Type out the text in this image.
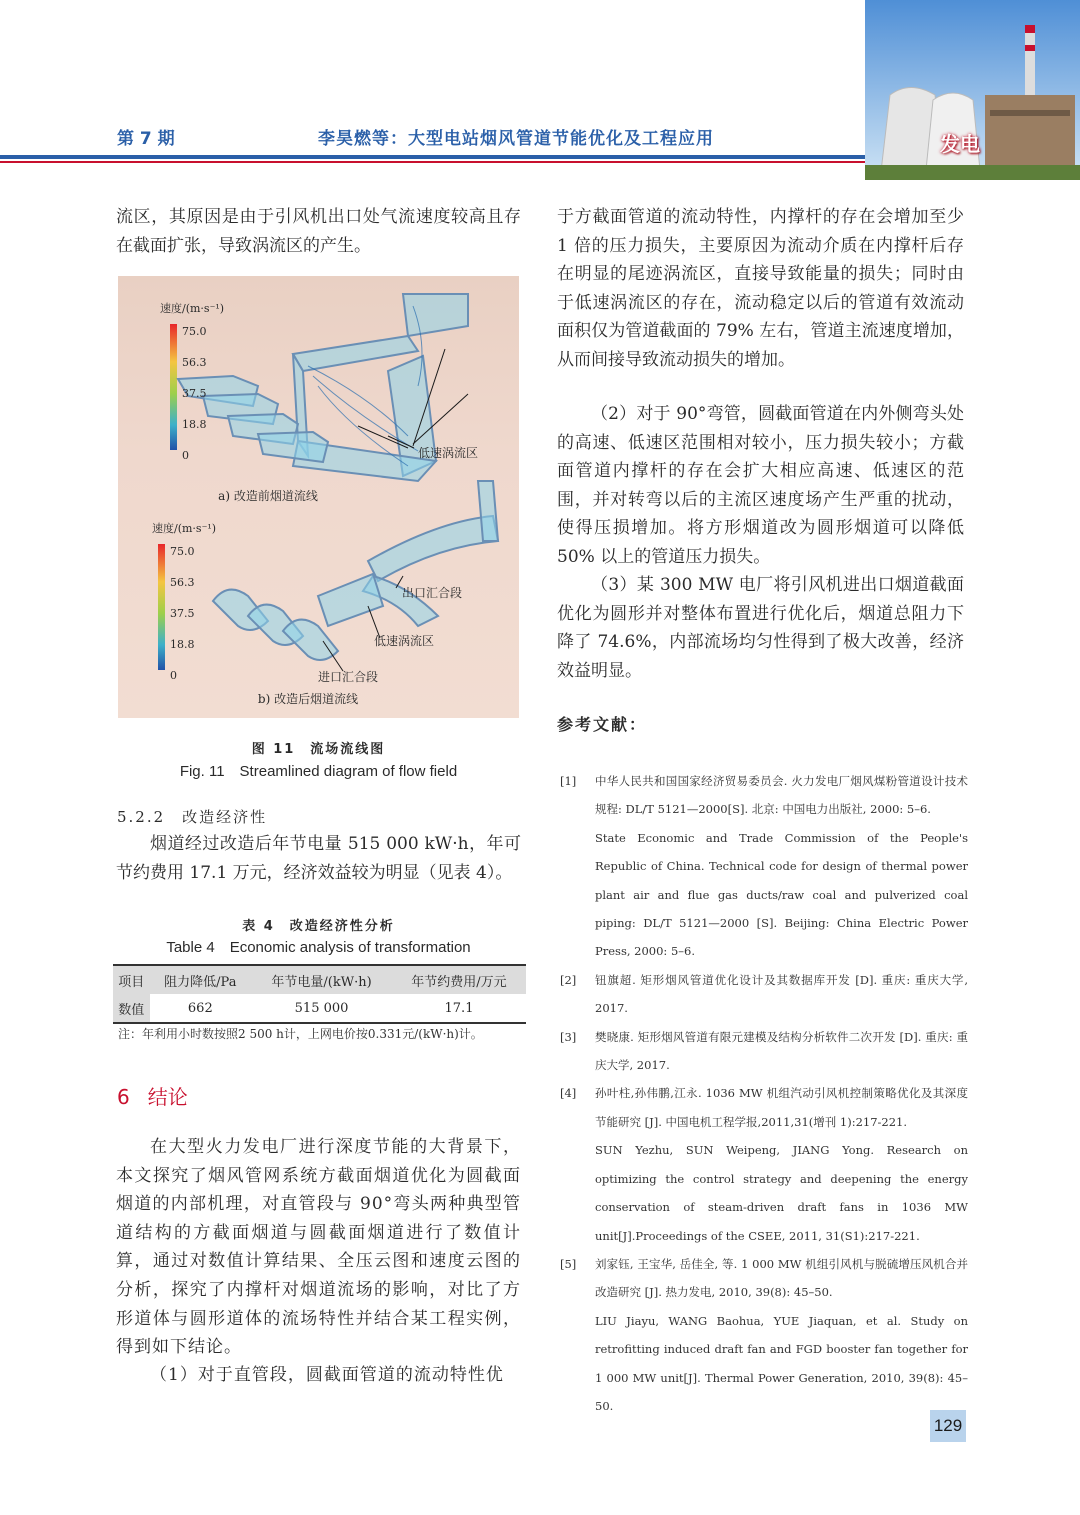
第 7 期	李昊燃等：大型电站烟风管道节能优化及工程应用	发电
流区，其原因是由于引风机出口处气流速度较高且存在截面扩张，导致涡流区的产生。
速度/(m·s⁻¹)
75.0
56.3
37.5
18.8
0	低速涡流区
a) 改造前烟道流线
速度/(m·s⁻¹)
75.0
56.3
37.5
18.8
0
出口汇合段
低速涡流区
进口汇合段
b) 改造后烟道流线
图 11　流场流线图
Fig. 11　Streamlined diagram of flow field
5.2.2　改造经济性
烟道经过改造后年节电量 515 000 kW·h，年可节约费用 17.1 万元，经济效益较为明显（见表 4）。
表 4　改造经济性分析
Table 4　Economic analysis of transformation
项目	阻力降低/Pa	年节电量/(kW·h)	年节约费用/万元
数值	662	515 000	17.1
注：年利用小时数按照2 500 h计，上网电价按0.331元/(kW·h)计。
6 结论
在大型火力发电厂进行深度节能的大背景下，本文探究了烟风管网系统方截面烟道优化为圆截面烟道的内部机理，对直管段与 90°弯头两种典型管道结构的方截面烟道与圆截面烟道进行了数值计算，通过对数值计算结果、全压云图和速度云图的分析，探究了内撑杆对烟道流场的影响，对比了方形道体与圆形道体的流场特性并结合某工程实例，得到如下结论。
（1）对于直管段，圆截面管道的流动特性优
于方截面管道的流动特性，内撑杆的存在会增加至少 1 倍的压力损失，主要原因为流动介质在内撑杆后存在明显的尾迹涡流区，直接导致能量的损失；同时由于低速涡流区的存在，流动稳定以后的管道有效流动面积仅为管道截面的 79% 左右，管道主流速度增加，从而间接导致流动损失的增加。
（2）对于 90°弯管，圆截面管道在内外侧弯头处的高速、低速区范围相对较小，压力损失较小；方截面管道内撑杆的存在会扩大相应高速、低速区的范围，并对转弯以后的主流区速度场产生严重的扰动，使得压损增加。将方形烟道改为圆形烟道可以降低 50% 以上的管道压力损失。
（3）某 300 MW 电厂将引风机进出口烟道截面优化为圆形并对整体布置进行优化后，烟道总阻力下降了 74.6%，内部流场均匀性得到了极大改善，经济效益明显。
参考文献：
[1]	中华人民共和国国家经济贸易委员会. 火力发电厂烟风煤粉管道设计技术规程: DL/T 5121—2000[S]. 北京: 中国电力出版社, 2000: 5–6.
State Economic and Trade Commission of the People's Republic of China. Technical code for design of thermal power plant air and flue gas ducts/raw coal and pulverized coal piping: DL/T 5121—2000 [S]. Beijing: China Electric Power Press, 2000: 5–6.
[2]	钮旗超. 矩形烟风管道优化设计及其数据库开发 [D]. 重庆: 重庆大学, 2017.
[3]	樊晓康. 矩形烟风管道有限元建模及结构分析软件二次开发 [D]. 重庆: 重庆大学, 2017.
[4]	孙叶柱,孙伟鹏,江永. 1036 MW 机组汽动引风机控制策略优化及其深度节能研究 [J]. 中国电机工程学报,2011,31(增刊 1):217-221.
SUN Yezhu, SUN Weipeng, JIANG Yong. Research on optimizing the control strategy and deepening the energy conservation of steam-driven draft fans in 1036 MW unit[J].Proceedings of the CSEE, 2011, 31(S1):217-221.
[5]	刘家钰, 王宝华, 岳佳全, 等. 1 000 MW 机组引风机与脱硫增压风机合并改造研究 [J]. 热力发电, 2010, 39(8): 45–50.
LIU Jiayu, WANG Baohua, YUE Jiaquan, et al. Study on retrofitting induced draft fan and FGD booster fan together for 1 000 MW unit[J]. Thermal Power Generation, 2010, 39(8): 45–50.
129
